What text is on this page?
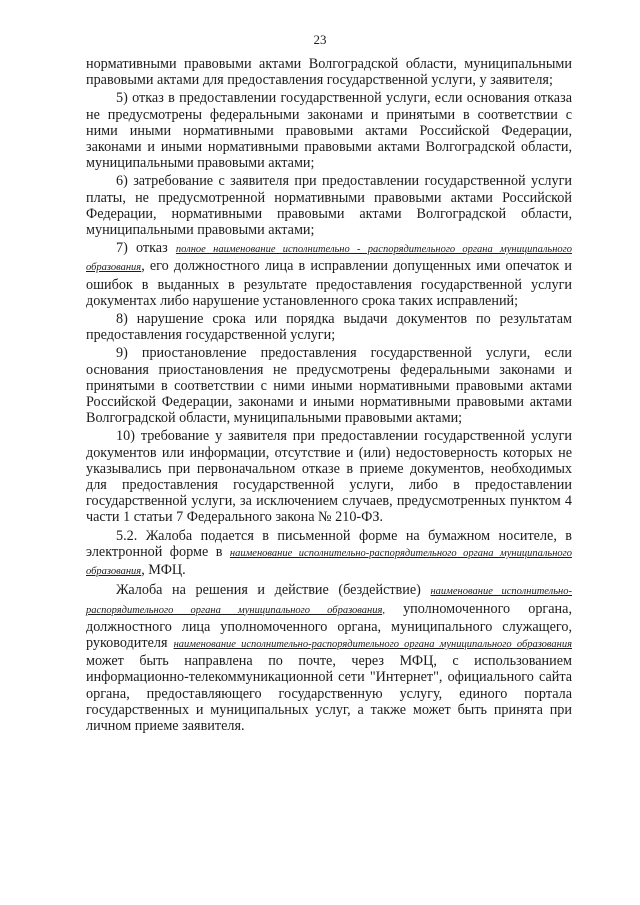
23

нормативными правовыми актами Волгоградской области, муниципальными правовыми актами для предоставления государственной услуги, у заявителя;

5) отказ в предоставлении государственной услуги, если основания отказа не предусмотрены федеральными законами и принятыми в соответствии с ними иными нормативными правовыми актами Российской Федерации, законами и иными нормативными правовыми актами Волгоградской области, муниципальными правовыми актами;

6) затребование с заявителя при предоставлении государственной услуги платы, не предусмотренной нормативными правовыми актами Российской Федерации, нормативными правовыми актами Волгоградской области, муниципальными правовыми актами;

7) отказ полное наименование исполнительно - распорядительного органа муниципального образования, его должностного лица в исправлении допущенных ими опечаток и ошибок в выданных в результате предоставления государственной услуги документах либо нарушение установленного срока таких исправлений;

8) нарушение срока или порядка выдачи документов по результатам предоставления государственной услуги;

9) приостановление предоставления государственной услуги, если основания приостановления не предусмотрены федеральными законами и принятыми в соответствии с ними иными нормативными правовыми актами Российской Федерации, законами и иными нормативными правовыми актами Волгоградской области, муниципальными правовыми актами;

10) требование у заявителя при предоставлении государственной услуги документов или информации, отсутствие и (или) недостоверность которых не указывались при первоначальном отказе в приеме документов, необходимых для предоставления государственной услуги, либо в предоставлении государственной услуги, за исключением случаев, предусмотренных пунктом 4 части 1 статьи 7 Федерального закона № 210-ФЗ.

5.2. Жалоба подается в письменной форме на бумажном носителе, в электронной форме в наименование исполнительно-распорядительного органа муниципального образования, МФЦ.

Жалоба на решения и действие (бездействие) наименование исполнительно-распорядительного органа муниципального образования, уполномоченного органа, должностного лица уполномоченного органа, муниципального служащего, руководителя наименование исполнительно-распорядительного органа муниципального образования может быть направлена по почте, через МФЦ, с использованием информационно-телекоммуникационной сети "Интернет", официального сайта органа, предоставляющего государственную услугу, единого портала государственных и муниципальных услуг, а также может быть принята при личном приеме заявителя.
